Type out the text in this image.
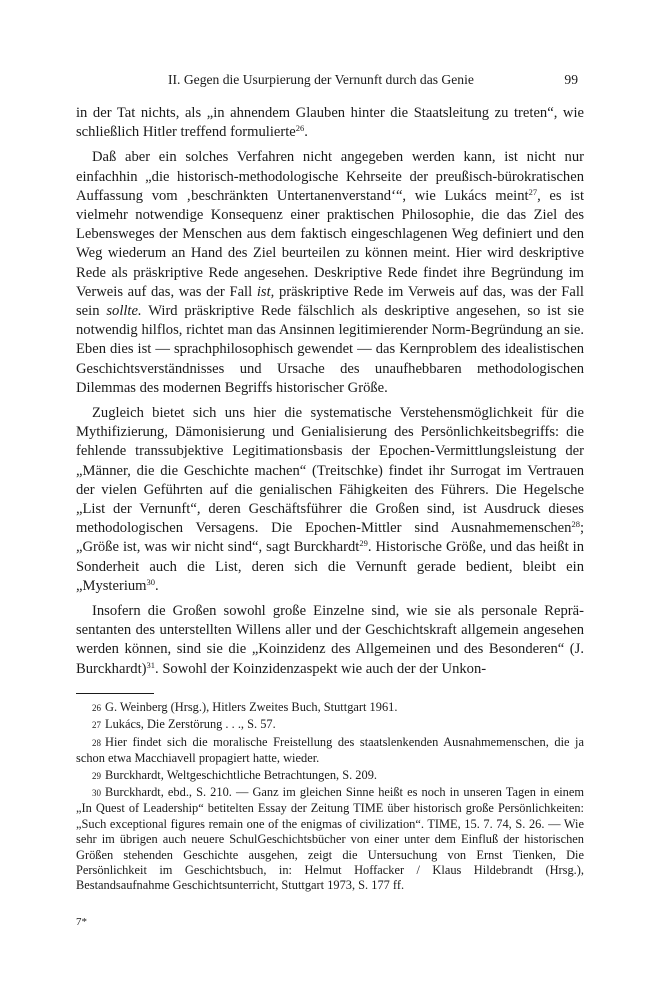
II. Gegen die Usurpierung der Vernunft durch das Genie	99

in der Tat nichts, als „in ahnendem Glauben hinter die Staatsleitung zu treten“, wie schließlich Hitler treffend formulierte$^{26}$.

Daß aber ein solches Verfahren nicht angegeben werden kann, ist nicht nur einfachhin „die historisch-methodologische Kehrseite der preußisch-bürokratischen Auffassung vom ‚beschränkten Untertanenverstand‘“, wie Lukács meint$^{27}$, es ist vielmehr notwendige Konsequenz einer praktischen Philosophie, die das Ziel des Lebensweges der Menschen aus dem faktisch eingeschlagenen Weg definiert und den Weg wiederum an Hand des Ziel beurteilen zu können meint. Hier wird deskriptive Rede als präskriptive Rede angesehen. Deskriptive Rede findet ihre Begründung im Verweis auf das, was der Fall ist, präskriptive Rede im Verweis auf das, was der Fall sein sollte. Wird präskriptive Rede fälschlich als deskriptive angesehen, so ist sie notwendig hilflos, richtet man das Ansinnen legitimierender Norm-Begründung an sie. Eben dies ist — sprachphilosophisch gewendet — das Kernproblem des idealistischen Geschichtsverständnisses und Ursache des unaufhebbaren methodologischen Dilemmas des modernen Begriffs historischer Größe.

Zugleich bietet sich uns hier die systematische Verstehensmöglichkeit für die Mythifizierung, Dämonisierung und Genialisierung des Persönlichkeitsbegriffs: die fehlende transsubjektive Legitimationsbasis der Epochen-Vermittlungsleistung der „Männer, die die Geschichte machen“ (Treitschke) findet ihr Surrogat im Vertrauen der vielen Geführten auf die genialischen Fähigkeiten des Führers. Die Hegelsche „List der Vernunft“, deren Geschäftsführer die Großen sind, ist Ausdruck dieses methodologischen Versagens. Die Epochen-Mittler sind Ausnahmemenschen$^{28}$; „Größe ist, was wir nicht sind“, sagt Burckhardt$^{29}$. Historische Größe, und das heißt in Sonderheit auch die List, deren sich die Vernunft gerade bedient, bleibt ein „Mysterium$^{30}$.

Insofern die Großen sowohl große Einzelne sind, wie sie als personale Repräsentanten des unterstellten Willens aller und der Geschichtskraft allgemein angesehen werden können, sind sie die „Koinzidenz des Allgemeinen und des Besonderen“ (J. Burckhardt)$^{31}$. Sowohl der Koinzidenzaspekt wie auch der der Unkon-

26 G. Weinberg (Hrsg.), Hitlers Zweites Buch, Stuttgart 1961.
27 Lukács, Die Zerstörung . . ., S. 57.
28 Hier findet sich die moralische Freistellung des staatslenkenden Ausnahmemenschen, die ja schon etwa Macchiavell propagiert hatte, wieder.
29 Burckhardt, Weltgeschichtliche Betrachtungen, S. 209.
30 Burckhardt, ebd., S. 210. — Ganz im gleichen Sinne heißt es noch in unseren Tagen in einem „In Quest of Leadership“ betitelten Essay der Zeitung TIME über historisch große Persönlichkeiten: „Such exceptional figures remain one of the enigmas of civilization“. TIME, 15. 7. 74, S. 26. — Wie sehr im übrigen auch neuere SchulGeschichtsbücher von einer unter dem Einfluß der historischen Größen stehenden Geschichte ausgehen, zeigt die Untersuchung von Ernst Tienken, Die Persönlichkeit im Geschichtsbuch, in: Helmut Hoffacker / Klaus Hildebrandt (Hrsg.), Bestandsaufnahme Geschichtsunterricht, Stuttgart 1973, S. 177 ff.
7*
